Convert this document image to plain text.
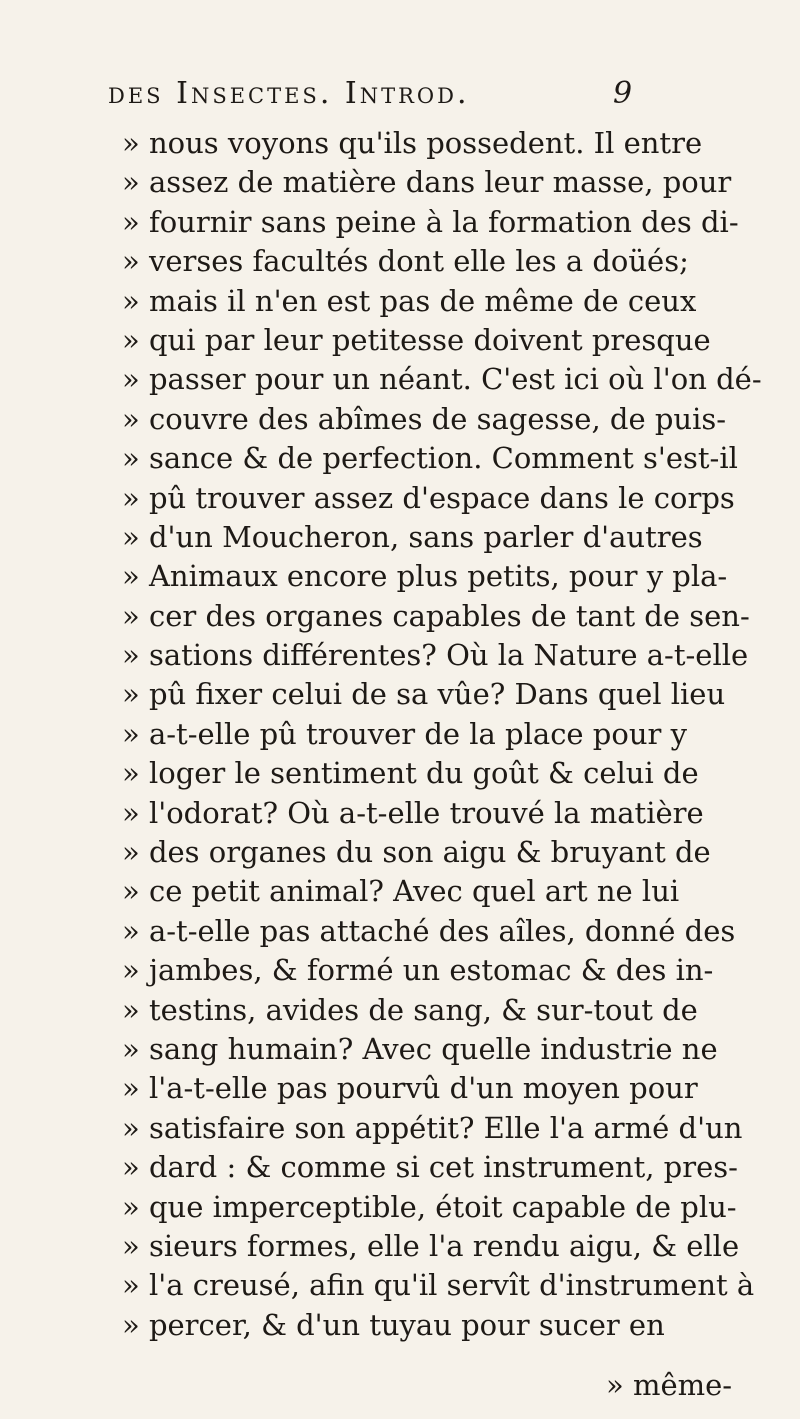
des Insectes. Introd.	9
» nous voyons qu'ils possedent. Il entre
» assez de matière dans leur masse, pour
» fournir sans peine à la formation des di-
» verses facultés dont elle les a doüés;
» mais il n'en est pas de même de ceux
» qui par leur petitesse doivent presque
» passer pour un néant. C'est ici où l'on dé-
» couvre des abîmes de sagesse, de puis-
» sance & de perfection. Comment s'est-il
» pû trouver assez d'espace dans le corps
» d'un Moucheron, sans parler d'autres
» Animaux encore plus petits, pour y pla-
» cer des organes capables de tant de sen-
» sations différentes? Où la Nature a-t-elle
» pû fixer celui de sa vûe? Dans quel lieu
» a-t-elle pû trouver de la place pour y
» loger le sentiment du goût & celui de
» l'odorat? Où a-t-elle trouvé la matière
» des organes du son aigu & bruyant de
» ce petit animal? Avec quel art ne lui
» a-t-elle pas attaché des aîles, donné des
» jambes, & formé un estomac & des in-
» testins, avides de sang, & sur-tout de
» sang humain? Avec quelle industrie ne
» l'a-t-elle pas pourvû d'un moyen pour
» satisfaire son appétit? Elle l'a armé d'un
» dard : & comme si cet instrument, pres-
» que imperceptible, étoit capable de plu-
» sieurs formes, elle l'a rendu aigu, & elle
» l'a creusé, afin qu'il servît d'instrument à
» percer, & d'un tuyau pour sucer en
» même-
